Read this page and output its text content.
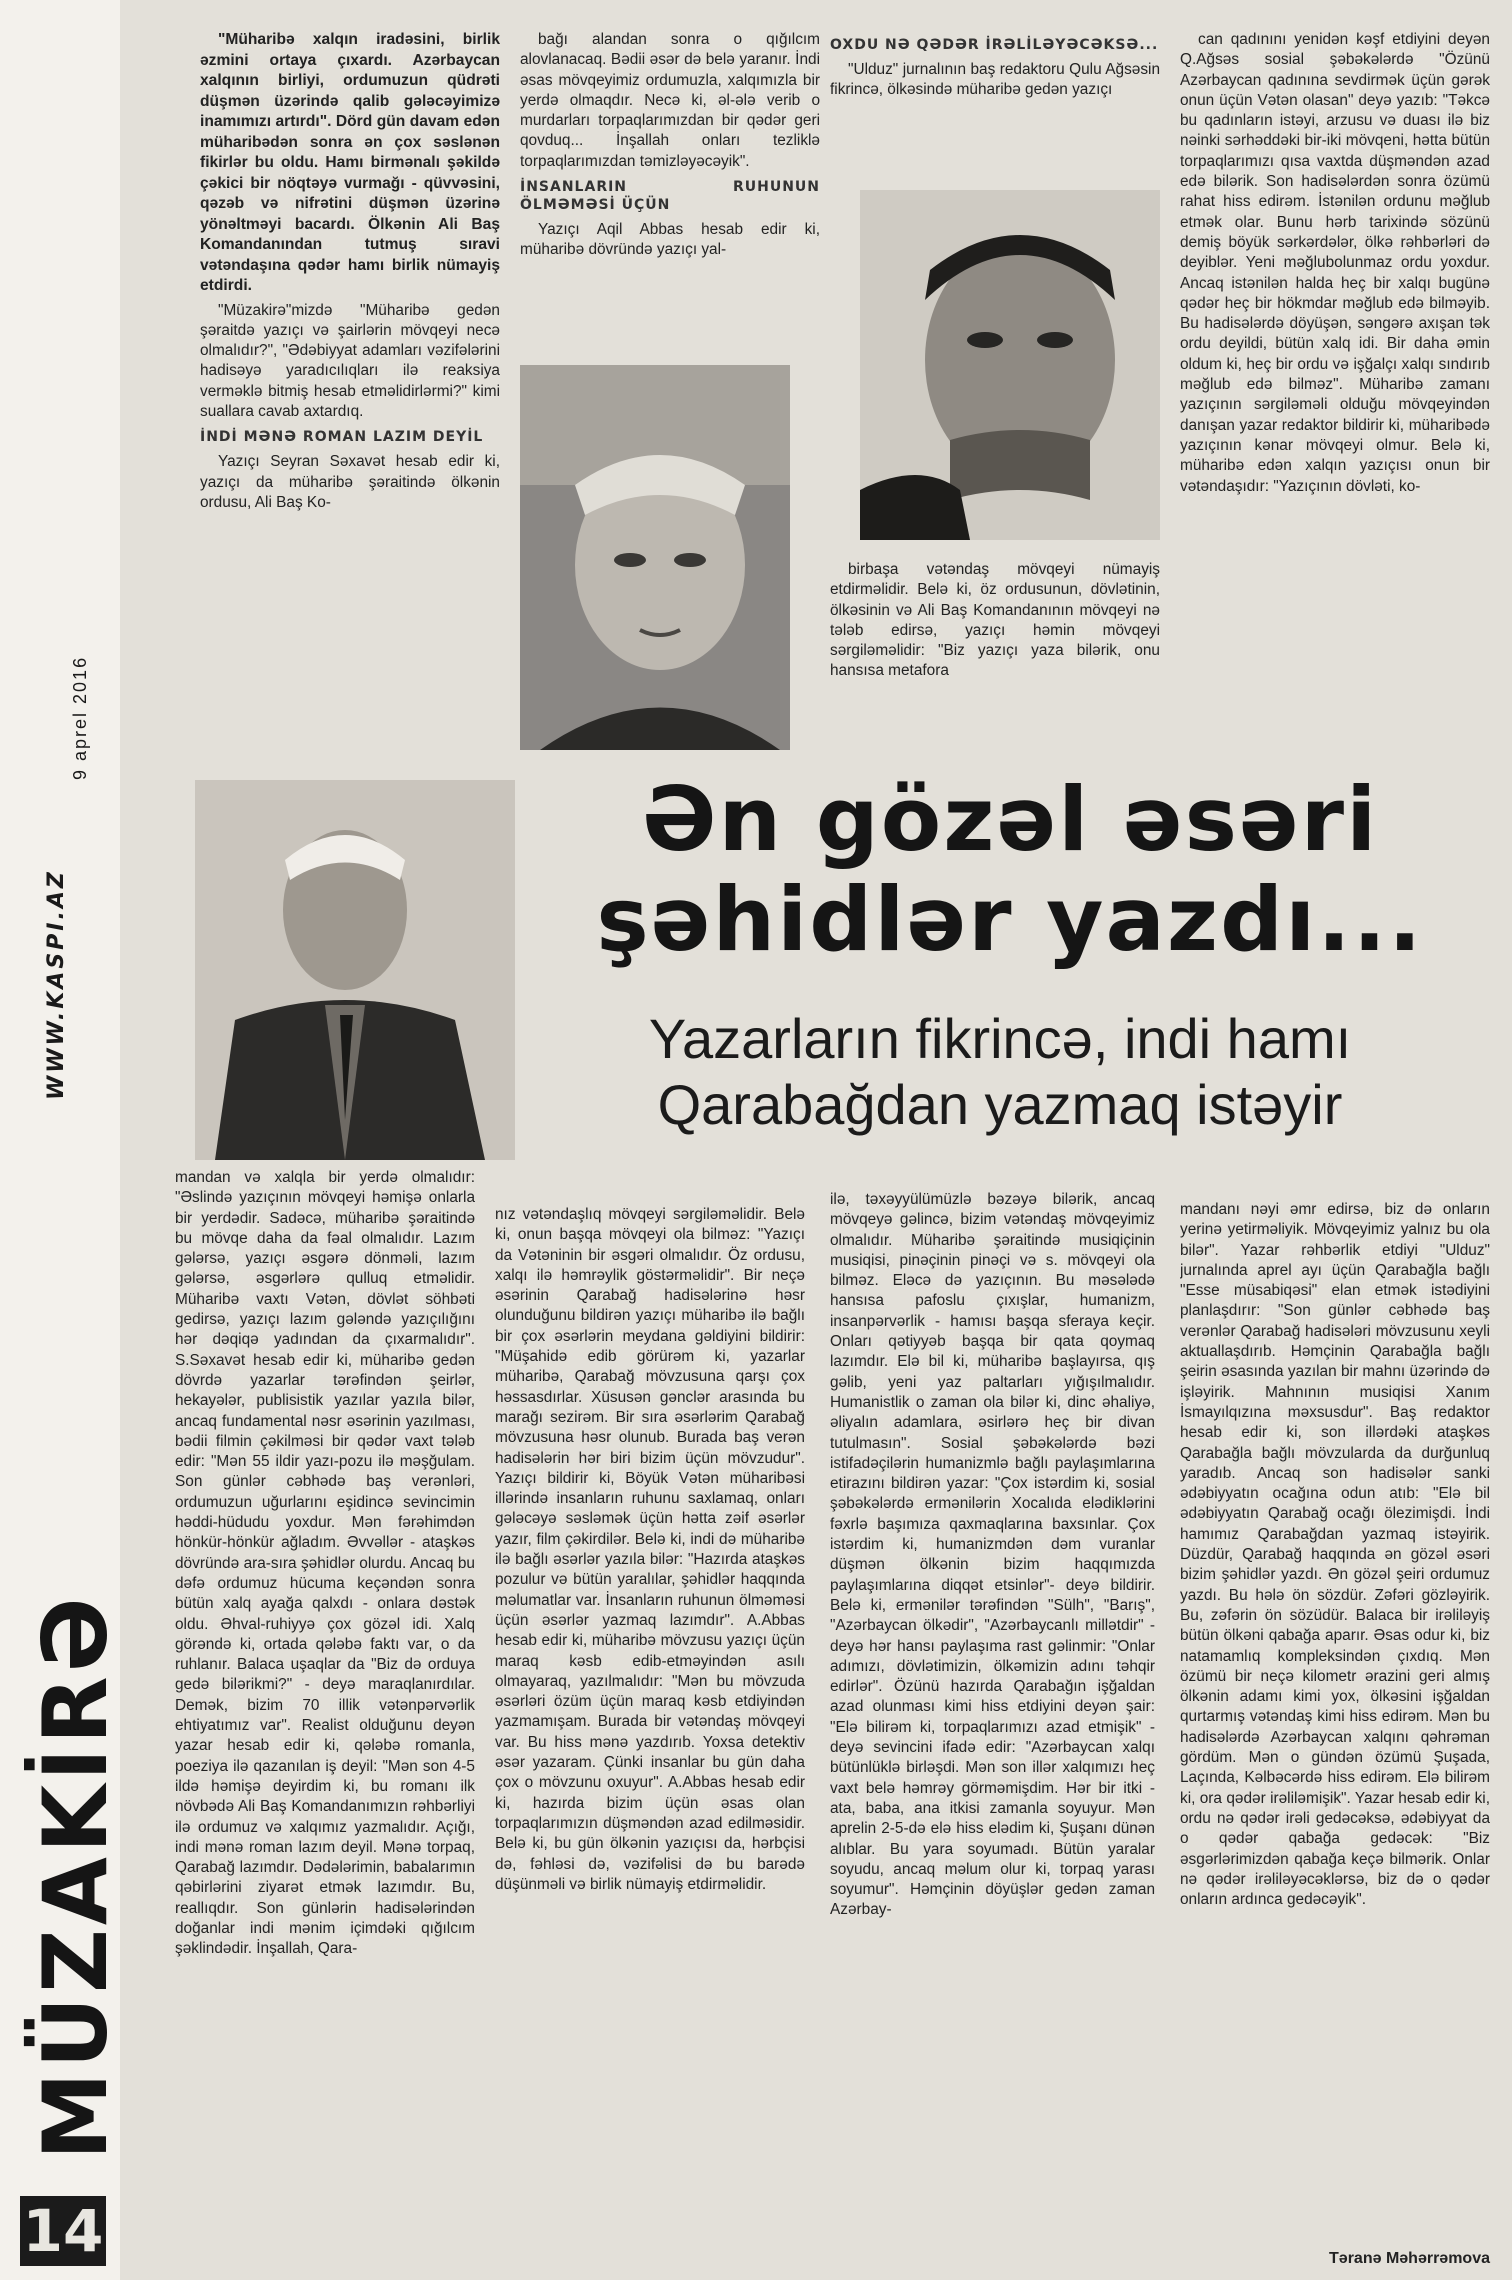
9 aprel 2016
WWW.KASPI.AZ
MÜZAKİRƏ
14

"Müharibə xalqın iradəsini, birlik əzmini ortaya çıxardı. Azərbaycan xalqının birliyi, ordumuzun qüdrəti düşmən üzərində qalib gələcəyimizə inamımızı artırdı". Dörd gün davam edən müharibədən sonra ən çox səslənən fikirlər bu oldu. Hamı birmənalı şəkildə çəkici bir nöqtəyə vurmağı - qüvvəsini, qəzəb və nifrətini düşmən üzərinə yönəltməyi bacardı. Ölkənin Ali Baş Komandanından tutmuş sıravi vətəndaşına qədər hamı birlik nümayiş etdirdi.

"Müzakirə"mizdə "Müharibə gedən şəraitdə yazıçı və şairlərin mövqeyi necə olmalıdır?", "Ədəbiyyat adamları vəzifələrini hadisəyə yaradıcılıqları ilə reaksiya verməklə bitmiş hesab etməlidirlərmi?" kimi suallara cavab axtardıq.

İNDİ MƏNƏ ROMAN LAZIM DEYİL

Yazıçı Seyran Səxavət hesab edir ki, yazıçı da müharibə şəraitində ölkənin ordusu, Ali Baş Ko-

bağı alandan sonra o qığılcım alovlanacaq. Bədii əsər də belə yaranır. İndi əsas mövqeyimiz ordumuzla, xalqımızla bir yerdə olmaqdır. Necə ki, əl-ələ verib o murdarları torpaqlarımızdan bir qədər geri qovduq... İnşallah onları tezliklə torpaqlarımızdan təmizləyəcəyik".

İNSANLARIN RUHUNUN ÖLMƏMƏSİ ÜÇÜN

Yazıçı Aqil Abbas hesab edir ki, müharibə dövründə yazıçı yal-

OXDU NƏ QƏDƏR İRƏLİLƏYƏCƏKSƏ...

"Ulduz" jurnalının baş redaktoru Qulu Ağsəsin fikrincə, ölkəsində müharibə gedən yazıçı

birbaşa vətəndaş mövqeyi nümayiş etdirməlidir. Belə ki, öz ordusunun, dövlətinin, ölkəsinin və Ali Baş Komandanının mövqeyi nə tələb edirsə, yazıçı həmin mövqeyi sərgiləməlidir: "Biz yazıçı yaza bilərik, onu hansısa metafora

can qadınını yenidən kəşf etdiyini deyən Q.Ağsəs sosial şəbəkələrdə "Özünü Azərbaycan qadınına sevdirmək üçün gərək onun üçün Vətən olasan" deyə yazıb: "Təkcə bu qadınların istəyi, arzusu və duası ilə biz nəinki sərhəddəki bir-iki mövqeni, hətta bütün torpaqlarımızı qısa vaxtda düşməndən azad edə bilərik. Son hadisələrdən sonra özümü rahat hiss edirəm. İstənilən ordunu məğlub etmək olar. Bunu hərb tarixində sözünü demiş böyük sərkərdələr, ölkə rəhbərləri də deyiblər. Yeni məğlubolunmaz ordu yoxdur. Ancaq istənilən halda heç bir xalqı bugünə qədər heç bir hökmdar məğlub edə bilməyib. Bu hadisələrdə döyüşən, səngərə axışan tək ordu deyildi, bütün xalq idi. Bir daha əmin oldum ki, heç bir ordu və işğalçı xalqı sındırıb məğlub edə bilməz". Müharibə zamanı yazıçının sərgiləməli olduğu mövqeyindən danışan yazar redaktor bildirir ki, müharibədə yazıçının kənar mövqeyi olmur. Belə ki, müharibə edən xalqın yazıçısı onun bir vətəndaşıdır: "Yazıçının dövləti, ko-

Ən gözəl əsəri
şəhidlər yazdı...
Yazarların fikrincə, indi hamı
Qarabağdan yazmaq istəyir

mandan və xalqla bir yerdə olmalıdır: "Əslində yazıçının mövqeyi həmişə onlarla bir yerdədir. Sadəcə, müharibə şəraitində bu mövqe daha da fəal olmalıdır. Lazım gələrsə, yazıçı əsgərə dönməli, lazım gələrsə, əsgərlərə qulluq etməlidir. Müharibə vaxtı Vətən, dövlət söhbəti gedirsə, yazıçı lazım gələndə yazıçılığını hər dəqiqə yadından da çıxarmalıdır". S.Səxavət hesab edir ki, müharibə gedən dövrdə yazarlar tərəfindən şeirlər, hekayələr, publisistik yazılar yazıla bilər, ancaq fundamental nəsr əsərinin yazılması, bədii filmin çəkilməsi bir qədər vaxt tələb edir: "Mən 55 ildir yazı-pozu ilə məşğulam. Son günlər cəbhədə baş verənləri, ordumuzun uğurlarını eşidincə sevincimin həddi-hüdudu yoxdur. Mən fərəhimdən hönkür-hönkür ağladım. Əvvəllər - ataşkəs dövründə ara-sıra şəhidlər olurdu. Ancaq bu dəfə ordumuz hücuma keçəndən sonra bütün xalq ayağa qalxdı - onlara dəstək oldu. Əhval-ruhiyyə çox gözəl idi. Xalq görəndə ki, ortada qələbə faktı var, o da ruhlanır. Balaca uşaqlar da "Biz də orduya gedə bilərikmi?" - deyə maraqlanırdılar. Demək, bizim 70 illik vətənpərvərlik ehtiyatımız var". Realist olduğunu deyən yazar hesab edir ki, qələbə romanla, poeziya ilə qazanılan iş deyil: "Mən son 4-5 ildə həmişə deyirdim ki, bu romanı ilk növbədə Ali Baş Komandanımızın rəhbərliyi ilə ordumuz və xalqımız yazmalıdır. Açığı, indi mənə roman lazım deyil. Mənə torpaq, Qarabağ lazımdır. Dədələrimin, babalarımın qəbirlərini ziyarət etmək lazımdır. Bu, reallıqdır. Son günlərin hadisələrindən doğanlar indi mənim içimdəki qığılcım şəklindədir. İnşallah, Qara-

nız vətəndaşlıq mövqeyi sərgiləməlidir. Belə ki, onun başqa mövqeyi ola bilməz: "Yazıçı da Vətəninin bir əsgəri olmalıdır. Öz ordusu, xalqı ilə həmrəylik göstərməlidir". Bir neçə əsərinin Qarabağ hadisələrinə həsr olunduğunu bildirən yazıçı müharibə ilə bağlı bir çox əsərlərin meydana gəldiyini bildirir: "Müşahidə edib görürəm ki, yazarlar müharibə, Qarabağ mövzusuna qarşı çox həssasdırlar. Xüsusən gənclər arasında bu marağı sezirəm. Bir sıra əsərlərim Qarabağ mövzusuna həsr olunub. Burada baş verən hadisələrin hər biri bizim üçün mövzudur". Yazıçı bildirir ki, Böyük Vətən müharibəsi illərində insanların ruhunu saxlamaq, onları gələcəyə səsləmək üçün hətta zəif əsərlər yazır, film çəkirdilər. Belə ki, indi də müharibə ilə bağlı əsərlər yazıla bilər: "Hazırda ataşkəs pozulur və bütün yaralılar, şəhidlər haqqında məlumatlar var. İnsanların ruhunun ölməməsi üçün əsərlər yazmaq lazımdır". A.Abbas hesab edir ki, müharibə mövzusu yazıçı üçün maraq kəsb edib-etməyindən asılı olmayaraq, yazılmalıdır: "Mən bu mövzuda əsərləri özüm üçün maraq kəsb etdiyindən yazmamışam. Burada bir vətəndaş mövqeyi var. Bu hiss mənə yazdırıb. Yoxsa detektiv əsər yazaram. Çünki insanlar bu gün daha çox o mövzunu oxuyur". A.Abbas hesab edir ki, hazırda bizim üçün əsas olan torpaqlarımızın düşməndən azad edilməsidir. Belə ki, bu gün ölkənin yazıçısı da, hərbçisi də, fəhləsi də, vəzifəlisi də bu barədə düşünməli və birlik nümayiş etdirməlidir.

ilə, təxəyyülümüzlə bəzəyə bilərik, ancaq mövqeyə gəlincə, bizim vətəndaş mövqeyimiz olmalıdır. Müharibə şəraitində musiqiçinin musiqisi, pinəçinin pinəçi və s. mövqeyi ola bilməz. Eləcə də yazıçının. Bu məsələdə hansısa pafoslu çıxışlar, humanizm, insanpərvərlik - hamısı başqa sferaya keçir. Onları qətiyyəb başqa bir qata qoymaq lazımdır. Elə bil ki, müharibə başlayırsa, qış gəlib, yeni yaz paltarları yığışılmalıdır. Humanistlik o zaman ola bilər ki, dinc əhaliyə, əliyalın adamlara, əsirlərə heç bir divan tutulmasın". Sosial şəbəkələrdə bəzi istifadəçilərin humanizmlə bağlı paylaşımlarına etirazını bildirən yazar: "Çox istərdim ki, sosial şəbəkələrdə ermənilərin Xocalıda elədiklərini fəxrlə başımıza qaxmaqlarına baxsınlar. Çox istərdim ki, humanizmdən dəm vuranlar düşmən ölkənin bizim haqqımızda paylaşımlarına diqqət etsinlər"- deyə bildirir. Belə ki, ermənilər tərəfindən "Sülh", "Barış", "Azərbaycan ölkədir", "Azərbaycanlı millətdir" - deyə hər hansı paylaşıma rast gəlinmir: "Onlar adımızı, dövlətimizin, ölkəmizin adını təhqir edirlər". Özünü hazırda Qarabağın işğaldan azad olunması kimi hiss etdiyini deyən şair: "Elə bilirəm ki, torpaqlarımızı azad etmişik" - deyə sevincini ifadə edir: "Azərbaycan xalqı bütünlüklə birləşdi. Mən son illər xalqımızı heç vaxt belə həmrəy görməmişdim. Hər bir itki - ata, baba, ana itkisi zamanla soyuyur. Mən aprelin 2-5-də elə hiss elədim ki, Şuşanı dünən alıblar. Bu yara soyumadı. Bütün yaralar soyudu, ancaq məlum olur ki, torpaq yarası soyumur". Həmçinin döyüşlər gedən zaman Azərbay-

mandanı nəyi əmr edirsə, biz də onların yerinə yetirməliyik. Mövqeyimiz yalnız bu ola bilər". Yazar rəhbərlik etdiyi "Ulduz" jurnalında aprel ayı üçün Qarabağla bağlı "Esse müsabiqəsi" elan etmək istədiyini planlaşdırır: "Son günlər cəbhədə baş verənlər Qarabağ hadisələri mövzusunu xeyli aktuallaşdırıb. Həmçinin Qarabağla bağlı şeirin əsasında yazılan bir mahnı üzərində də işləyirik. Mahnının musiqisi Xanım İsmayılqızına məxsusdur". Baş redaktor hesab edir ki, son illərdəki ataşkəs Qarabağla bağlı mövzularda da durğunluq yaradıb. Ancaq son hadisələr sanki ədəbiyyatın ocağına odun atıb: "Elə bil ədəbiyyatın Qarabağ ocağı ölezimişdi. İndi hamımız Qarabağdan yazmaq istəyirik. Düzdür, Qarabağ haqqında ən gözəl əsəri bizim şəhidlər yazdı. Ən gözəl şeiri ordumuz yazdı. Bu hələ ön sözdür. Zəfəri gözləyirik. Bu, zəfərin ön sözüdür. Balaca bir irəliləyiş bütün ölkəni qabağa aparır. Əsas odur ki, biz natamamlıq kompleksindən çıxdıq. Mən özümü bir neçə kilometr ərazini geri almış ölkənin adamı kimi yox, ölkəsini işğaldan qurtarmış vətəndaş kimi hiss edirəm. Mən bu hadisələrdə Azərbaycan xalqını qəhrəman gördüm. Mən o gündən özümü Şuşada, Laçında, Kəlbəcərdə hiss edirəm. Elə bilirəm ki, ora qədər irəliləmişik". Yazar hesab edir ki, ordu nə qədər irəli gedəcəksə, ədəbiyyat da o qədər qabağa gedəcək: "Biz əsgərlərimizdən qabağa keçə bilmərik. Onlar nə qədər irəliləyəcəklərsə, biz də o qədər onların ardınca gedəcəyik".

Təranə Məhərrəmova
